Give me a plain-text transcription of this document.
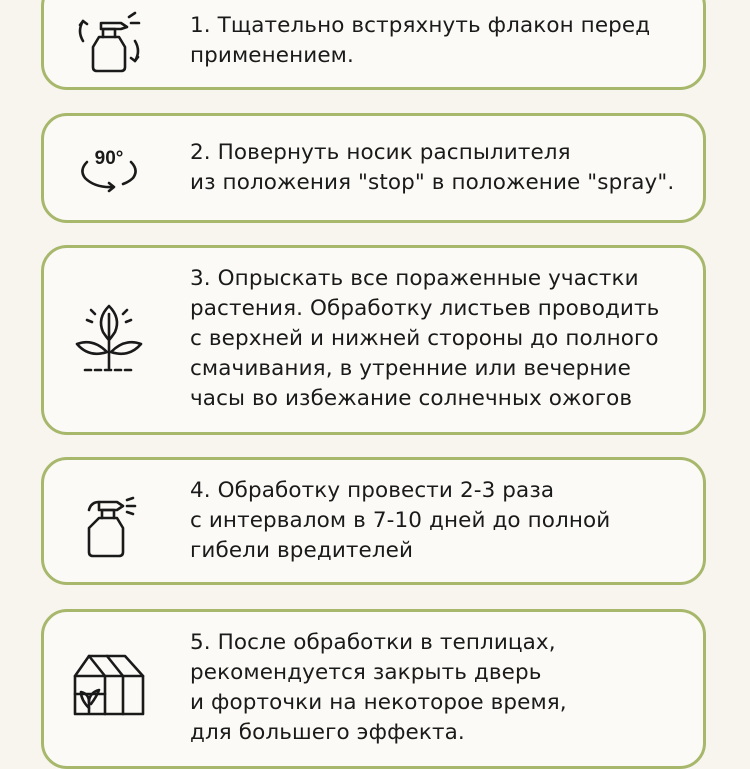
1. Тщательно встряхнуть флакон перед
применением.
90°	2. Повернуть носик распылителя
из положения "stop" в положение "spray".
3. Опрыскать все пораженные участки
растения. Обработку листьев проводить
с верхней и нижней стороны до полного
смачивания, в утренние или вечерние
часы во избежание солнечных ожогов
4. Обработку провести 2-3 раза
с интервалом в 7-10 дней до полной
гибели вредителей
5. После обработки в теплицах,
рекомендуется закрыть дверь
и форточки на некоторое время,
для большего эффекта.
